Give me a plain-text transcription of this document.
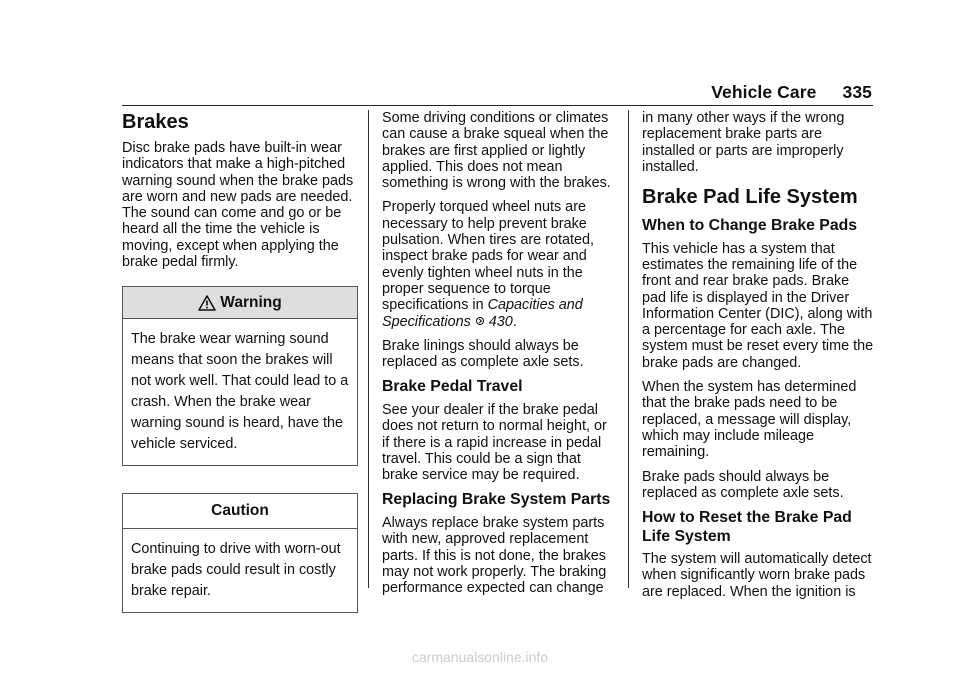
Vehicle Care 335
Brakes

Disc brake pads have built-in wear indicators that make a high-pitched warning sound when the brake pads are worn and new pads are needed. The sound can come and go or be heard all the time the vehicle is moving, except when applying the brake pedal firmly.

Warning
The brake wear warning sound means that soon the brakes will not work well. That could lead to a crash. When the brake wear warning sound is heard, have the vehicle serviced.
Caution
Continuing to drive with worn-out brake pads could result in costly brake repair.

Some driving conditions or climates can cause a brake squeal when the brakes are first applied or lightly applied. This does not mean something is wrong with the brakes.

Properly torqued wheel nuts are necessary to help prevent brake pulsation. When tires are rotated, inspect brake pads for wear and evenly tighten wheel nuts in the proper sequence to torque specifications in Capacities and Specifications 430.

Brake linings should always be replaced as complete axle sets.

Brake Pedal Travel

See your dealer if the brake pedal does not return to normal height, or if there is a rapid increase in pedal travel. This could be a sign that brake service may be required.

Replacing Brake System Parts

Always replace brake system parts with new, approved replacement parts. If this is not done, the brakes may not work properly. The braking performance expected can change

in many other ways if the wrong replacement brake parts are installed or parts are improperly installed.

Brake Pad Life System
When to Change Brake Pads

This vehicle has a system that estimates the remaining life of the front and rear brake pads. Brake pad life is displayed in the Driver Information Center (DIC), along with a percentage for each axle. The system must be reset every time the brake pads are changed.

When the system has determined that the brake pads need to be replaced, a message will display, which may include mileage remaining.

Brake pads should always be replaced as complete axle sets.

How to Reset the Brake Pad Life System

The system will automatically detect when significantly worn brake pads are replaced. When the ignition is

carmanualsonline.info
